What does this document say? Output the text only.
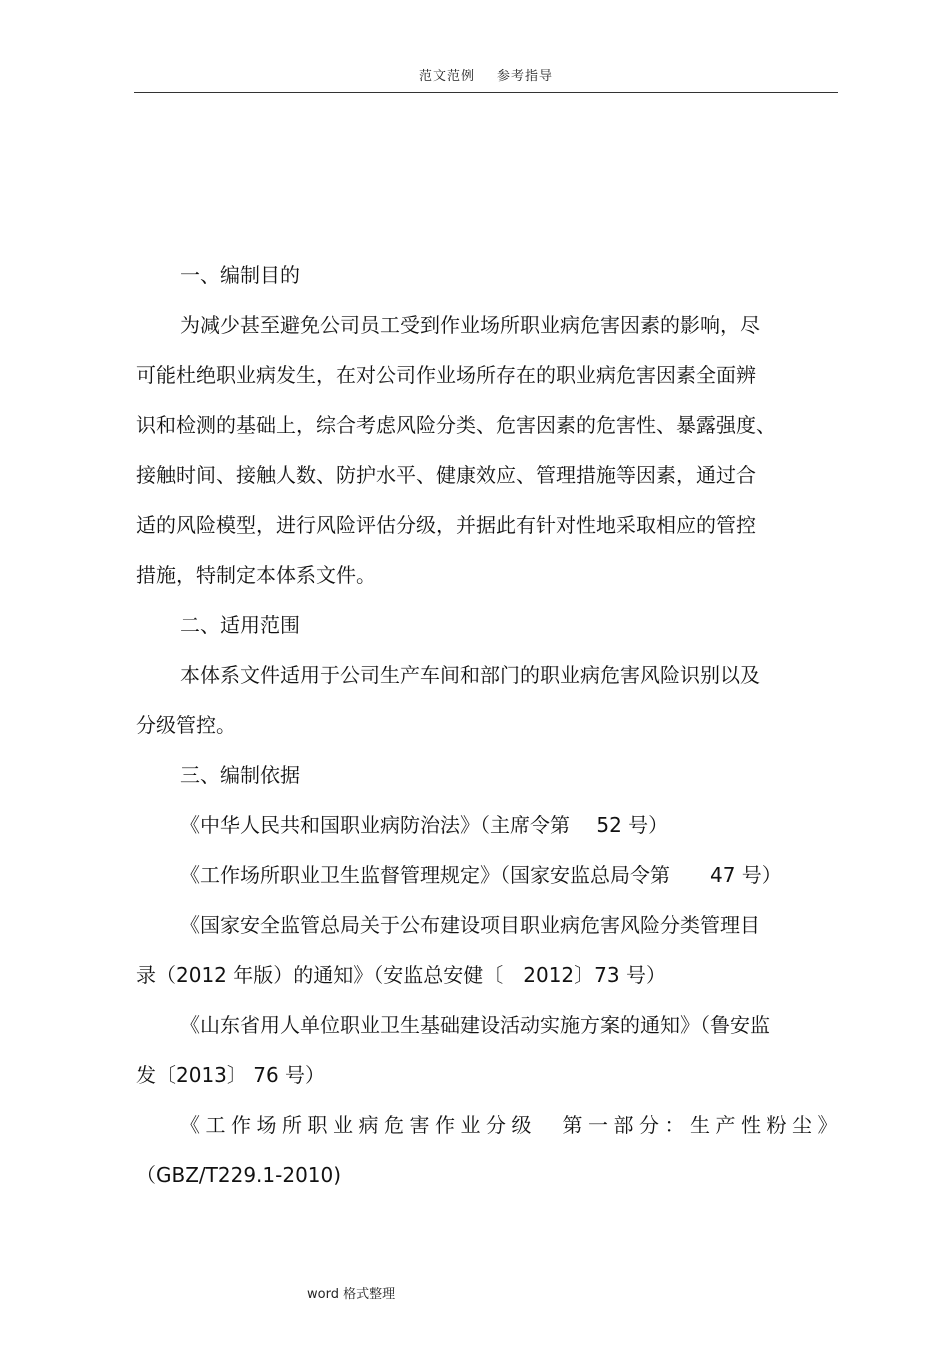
范文范例 参考指导
一、编制目的
为减少甚至避免公司员工受到作业场所职业病危害因素的影响，尽
可能杜绝职业病发生，在对公司作业场所存在的职业病危害因素全面辨
识和检测的基础上，综合考虑风险分类、危害因素的危害性、暴露强度、
接触时间、接触人数、防护水平、健康效应、管理措施等因素，通过合
适的风险模型，进行风险评估分级，并据此有针对性地采取相应的管控
措施，特制定本体系文件。
二、适用范围
本体系文件适用于公司生产车间和部门的职业病危害风险识别以及
分级管控。
三、编制依据
《中华人民共和国职业病防治法》（主席令第　 52 号）
《工作场所职业卫生监督管理规定》（国家安监总局令第　　47 号）
《国家安全监管总局关于公布建设项目职业病危害风险分类管理目
录（2012 年版）的通知》（安监总安健〔　2012〕73 号）
《山东省用人单位职业卫生基础建设活动实施方案的通知》（鲁安监
发〔2013〕 76 号）
《工作场所职业病危害作业分级　第一部分：生产性粉尘》
（GBZ/T229.1-2010)
word 格式整理
